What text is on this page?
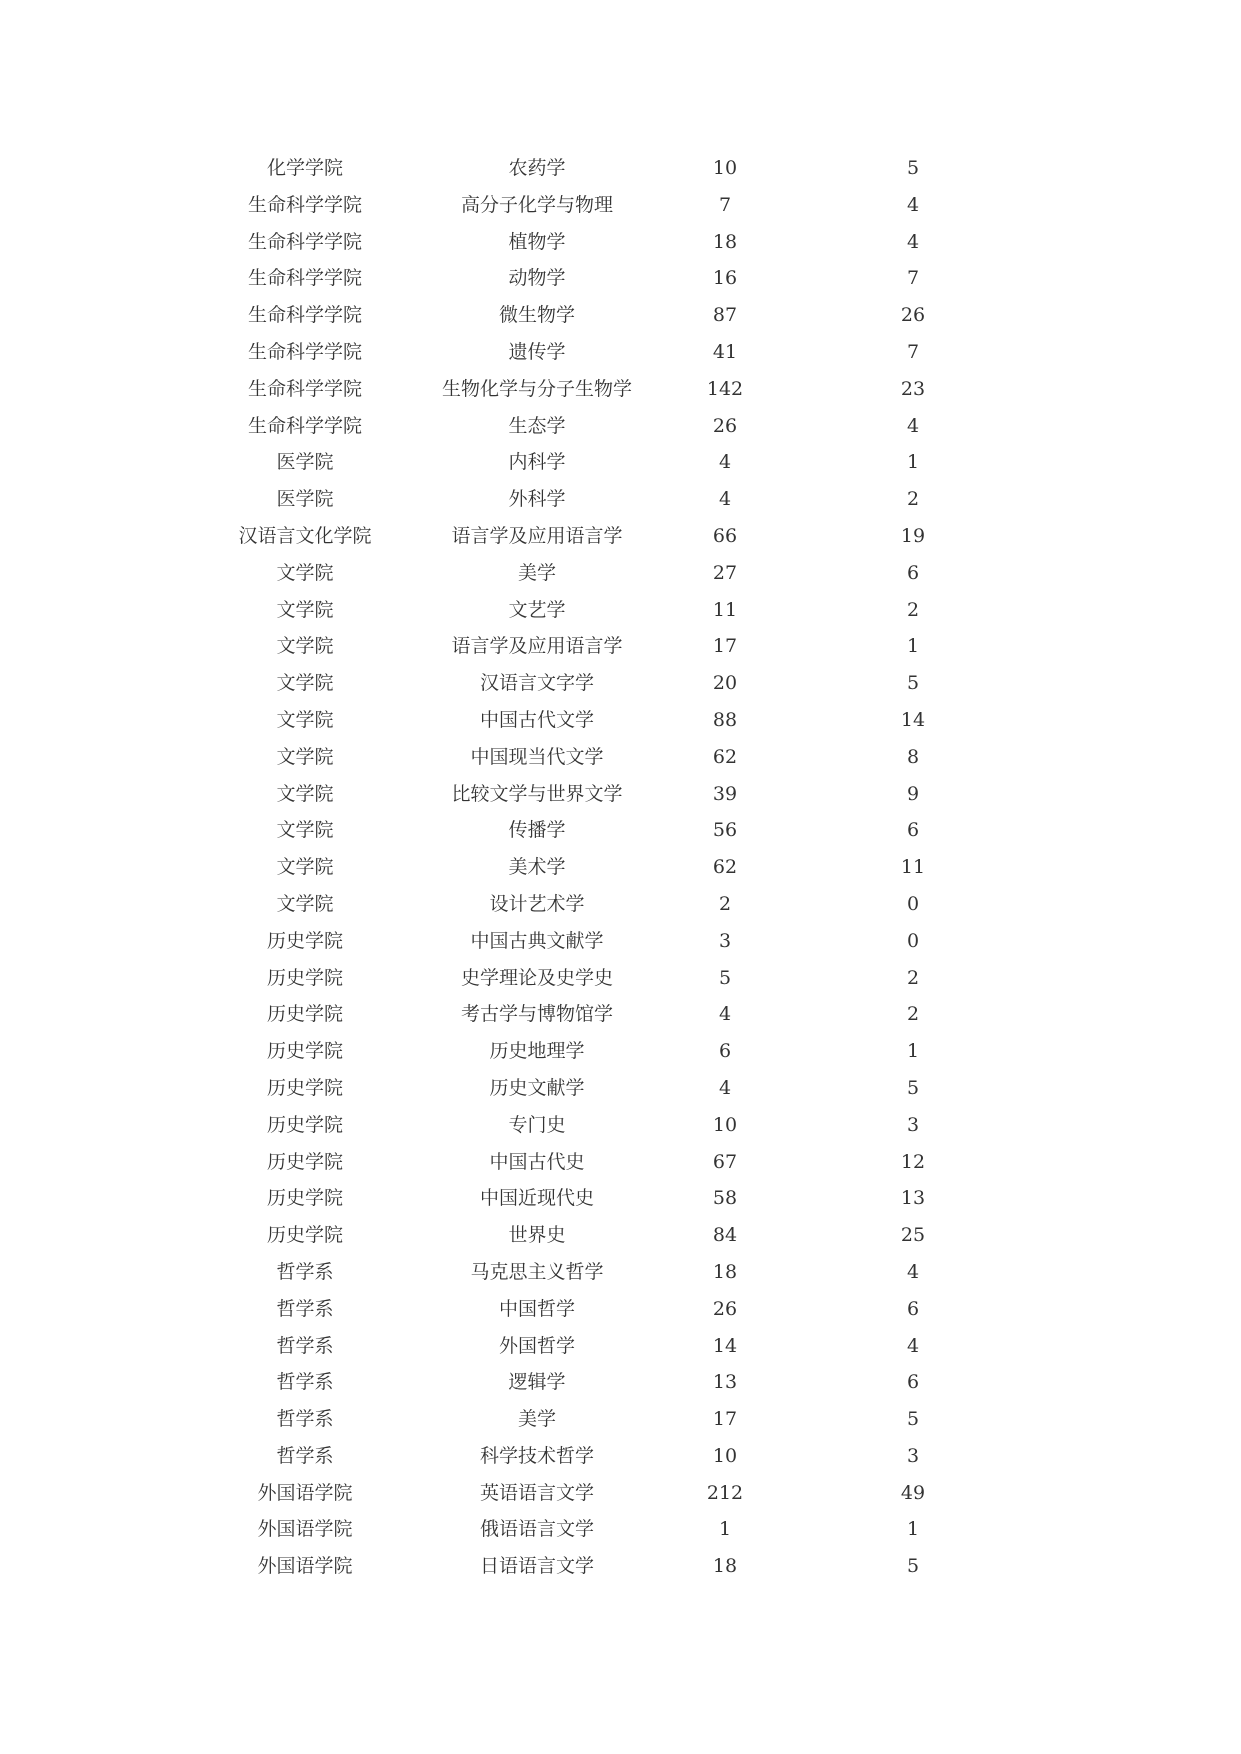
化学学院	农药学	10	5
生命科学学院	高分子化学与物理	7	4
生命科学学院	植物学	18	4
生命科学学院	动物学	16	7
生命科学学院	微生物学	87	26
生命科学学院	遗传学	41	7
生命科学学院	生物化学与分子生物学	142	23
生命科学学院	生态学	26	4
医学院	内科学	4	1
医学院	外科学	4	2
汉语言文化学院	语言学及应用语言学	66	19
文学院	美学	27	6
文学院	文艺学	11	2
文学院	语言学及应用语言学	17	1
文学院	汉语言文字学	20	5
文学院	中国古代文学	88	14
文学院	中国现当代文学	62	8
文学院	比较文学与世界文学	39	9
文学院	传播学	56	6
文学院	美术学	62	11
文学院	设计艺术学	2	0
历史学院	中国古典文献学	3	0
历史学院	史学理论及史学史	5	2
历史学院	考古学与博物馆学	4	2
历史学院	历史地理学	6	1
历史学院	历史文献学	4	5
历史学院	专门史	10	3
历史学院	中国古代史	67	12
历史学院	中国近现代史	58	13
历史学院	世界史	84	25
哲学系	马克思主义哲学	18	4
哲学系	中国哲学	26	6
哲学系	外国哲学	14	4
哲学系	逻辑学	13	6
哲学系	美学	17	5
哲学系	科学技术哲学	10	3
外国语学院	英语语言文学	212	49
外国语学院	俄语语言文学	1	1
外国语学院	日语语言文学	18	5
